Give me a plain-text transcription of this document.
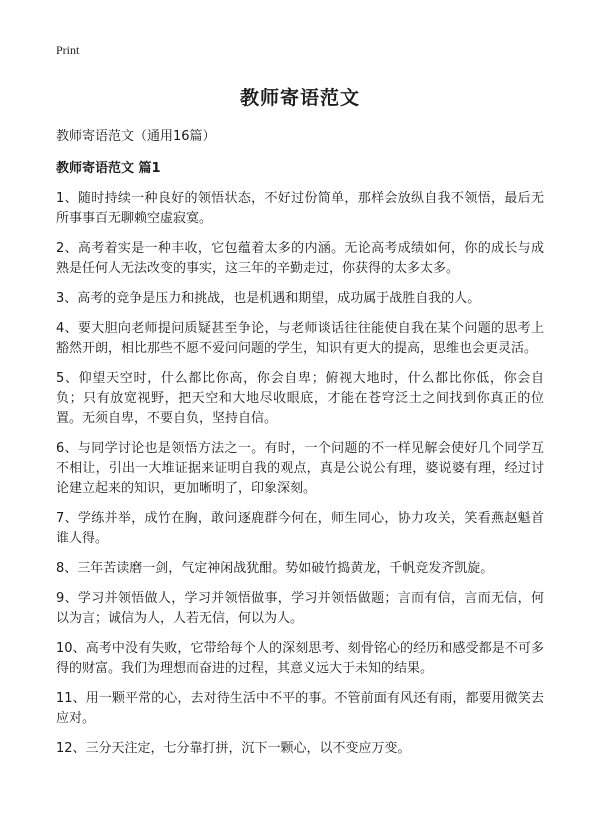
Print
教师寄语范文

教师寄语范文（通用16篇）

教师寄语范文 篇1
1、随时持续一种良好的领悟状态，不好过份简单，那样会放纵自我不领悟，最后无所事事百无聊赖空虚寂寞。
2、高考着实是一种丰收，它包蕴着太多的内涵。无论高考成绩如何，你的成长与成熟是任何人无法改变的事实，这三年的辛勤走过，你获得的太多太多。
3、高考的竞争是压力和挑战，也是机遇和期望，成功属于战胜自我的人。
4、要大胆向老师提问质疑甚至争论，与老师谈话往往能使自我在某个问题的思考上豁然开朗，相比那些不愿不爱问问题的学生，知识有更大的提高，思维也会更灵活。
5、仰望天空时，什么都比你高，你会自卑；俯视大地时，什么都比你低，你会自负；只有放宽视野，把天空和大地尽收眼底，才能在苍穹泛土之间找到你真正的位置。无须自卑，不要自负，坚持自信。
6、与同学讨论也是领悟方法之一。有时，一个问题的不一样见解会使好几个同学互不相让，引出一大堆证据来证明自我的观点，真是公说公有理，婆说婆有理，经过讨论建立起来的知识，更加晰明了，印象深刻。
7、学练并举，成竹在胸，敢问逐鹿群今何在，师生同心，协力攻关，笑看燕赵魁首谁人得。
8、三年苦读磨一剑，气定神闲战犹酣。势如破竹捣黄龙，千帆竞发齐凯旋。
9、学习并领悟做人，学习并领悟做事，学习并领悟做题；言而有信，言而无信，何以为言；诚信为人，人若无信，何以为人。
10、高考中没有失败，它带给每个人的深刻思考、刻骨铭心的经历和感受都是不可多得的财富。我们为理想而奋进的过程，其意义远大于未知的结果。
11、用一颗平常的心，去对待生活中不平的事。不管前面有风还有雨，都要用微笑去应对。
12、三分天注定，七分靠打拼，沉下一颗心，以不变应万变。
